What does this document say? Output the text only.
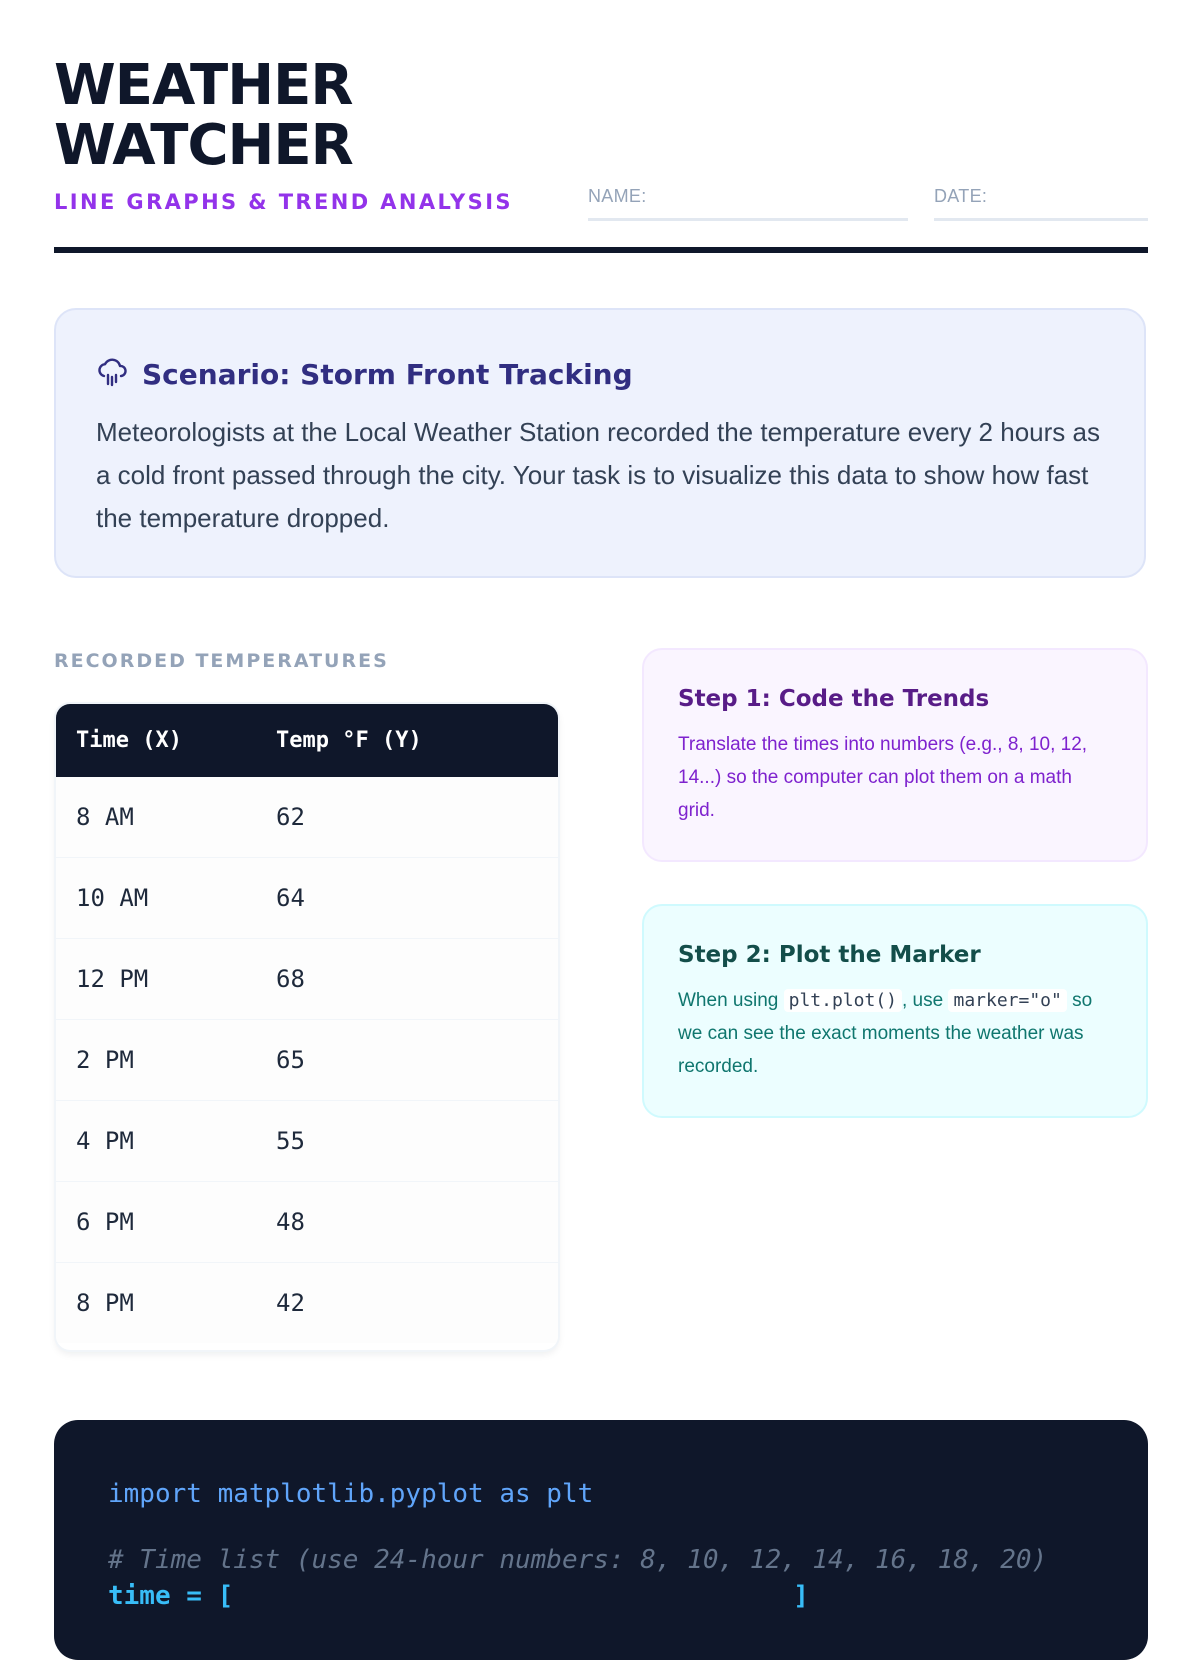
WEATHER
WATCHER
LINE GRAPHS & TREND ANALYSIS	NAME:	DATE:
Scenario: Storm Front Tracking
Meteorologists at the Local Weather Station recorded the temperature every 2 hours as a cold front passed through the city. Your task is to visualize this data to show how fast the temperature dropped.
RECORDED TEMPERATURES
Time (X)	Temp °F (Y)
8 AM	62
10 AM	64
12 PM	68
2 PM	65
4 PM	55
6 PM	48
8 PM	42
Step 1: Code the Trends
Translate the times into numbers (e.g., 8, 10, 12, 14...) so the computer can plot them on a math grid.
Step 2: Plot the Marker
When using plt.plot() , use marker="o" so we can see the exact moments the weather was recorded.
import matplotlib.pyplot as plt
# Time list (use 24-hour numbers: 8, 10, 12, 14, 16, 18, 20)
time = [	]
